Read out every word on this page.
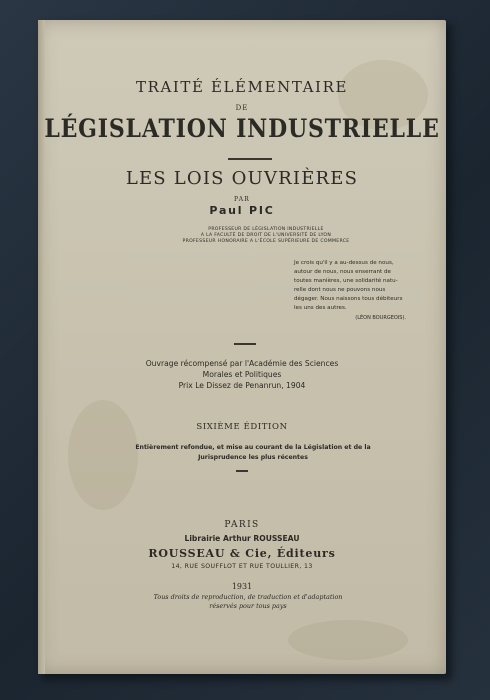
TRAITÉ ÉLÉMENTAIRE
DE
LÉGISLATION INDUSTRIELLE
LES LOIS OUVRIÈRES
PAR
Paul PIC
PROFESSEUR DE LÉGISLATION INDUSTRIELLE
A LA FACULTÉ DE DROIT DE L'UNIVERSITÉ DE LYON
PROFESSEUR HONORAIRE A L'ÉCOLE SUPÉRIEURE DE COMMERCE
Je crois qu'il y a au-dessus de nous,
autour de nous, nous enserrant de
toutes manières, une solidarité natu-
relle dont nous ne pouvons nous
dégager. Nous naissons tous débiteurs
les uns des autres.
(LÉON BOURGEOIS).
Ouvrage récompensé par l'Académie des Sciences
Morales et Politiques
Prix Le Dissez de Penanrun, 1904
SIXIÈME ÉDITION
Entièrement refondue, et mise au courant de la Législation et de la
Jurisprudence les plus récentes
PARIS
Librairie Arthur ROUSSEAU
ROUSSEAU & Cie, Éditeurs
14, RUE SOUFFLOT ET RUE TOULLIER, 13
1931
Tous droits de reproduction, de traduction et d'adaptation
réservés pour tous pays
